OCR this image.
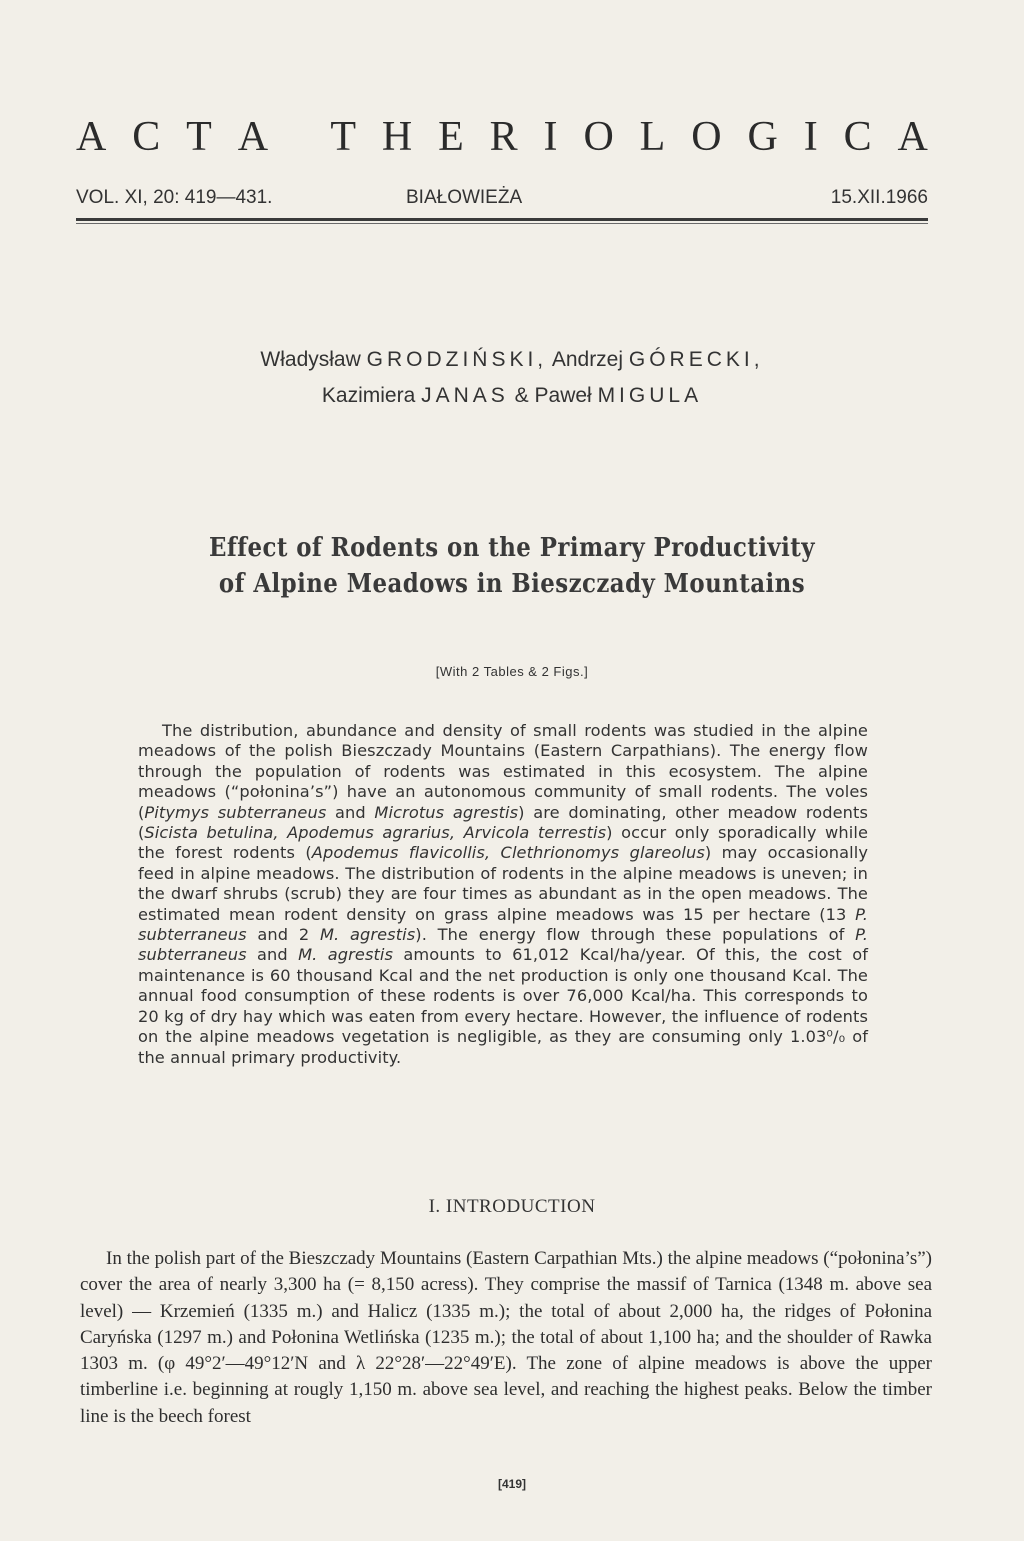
A C T A
T H E R I O L O G I C A
VOL. XI, 20: 419—431.	BIAŁOWIEŻA	15.XII.1966
Władysław GRODZIŃSKI, Andrzej GÓRECKI,
Kazimiera JANAS & Paweł MIGULA
Effect of Rodents on the Primary Productivity
of Alpine Meadows in Bieszczady Mountains
[With 2 Tables & 2 Figs.]
The distribution, abundance and density of small rodents was studied in the alpine meadows of the polish Bieszczady Mountains (Eastern Carpathians). The energy flow through the population of rodents was estimated in this ecosystem. The alpine meadows (“połonina’s”) have an autonomous community of small rodents. The voles (Pitymys subterraneus and Microtus agrestis) are dominating, other meadow rodents (Sicista betulina, Apodemus agrarius, Arvicola terrestis) occur only sporadically while the forest rodents (Apodemus flavicollis, Clethrionomys glareolus) may occasionally feed in alpine meadows. The distribution of rodents in the alpine meadows is uneven; in the dwarf shrubs (scrub) they are four times as abundant as in the open meadows. The estimated mean rodent density on grass alpine meadows was 15 per hectare (13 P. subterraneus and 2 M. agrestis). The energy flow through these populations of P. subterraneus and M. agrestis amounts to 61,012 Kcal/ha/year. Of this, the cost of maintenance is 60 thousand Kcal and the net production is only one thousand Kcal. The annual food consumption of these rodents is over 76,000 Kcal/ha. This corresponds to 20 kg of dry hay which was eaten from every hectare. However, the influence of rodents on the alpine meadows vegetation is negligible, as they are consuming only 1.03⁰/₀ of the annual primary productivity.
I. INTRODUCTION
In the polish part of the Bieszczady Mountains (Eastern Carpathian Mts.) the alpine meadows (“połonina’s”) cover the area of nearly 3,300 ha (= 8,150 acress). They comprise the massif of Tarnica (1348 m. above sea level) — Krzemień (1335 m.) and Halicz (1335 m.); the total of about 2,000 ha, the ridges of Połonina Caryńska (1297 m.) and Połonina Wetlińska (1235 m.); the total of about 1,100 ha; and the shoulder of Rawka 1303 m. (φ 49°2′—49°12′N and λ 22°28′—22°49′E). The zone of alpine meadows is above the upper timberline i.e. beginning at rougly 1,150 m. above sea level, and reaching the highest peaks. Below the timber line is the beech forest
[419]
